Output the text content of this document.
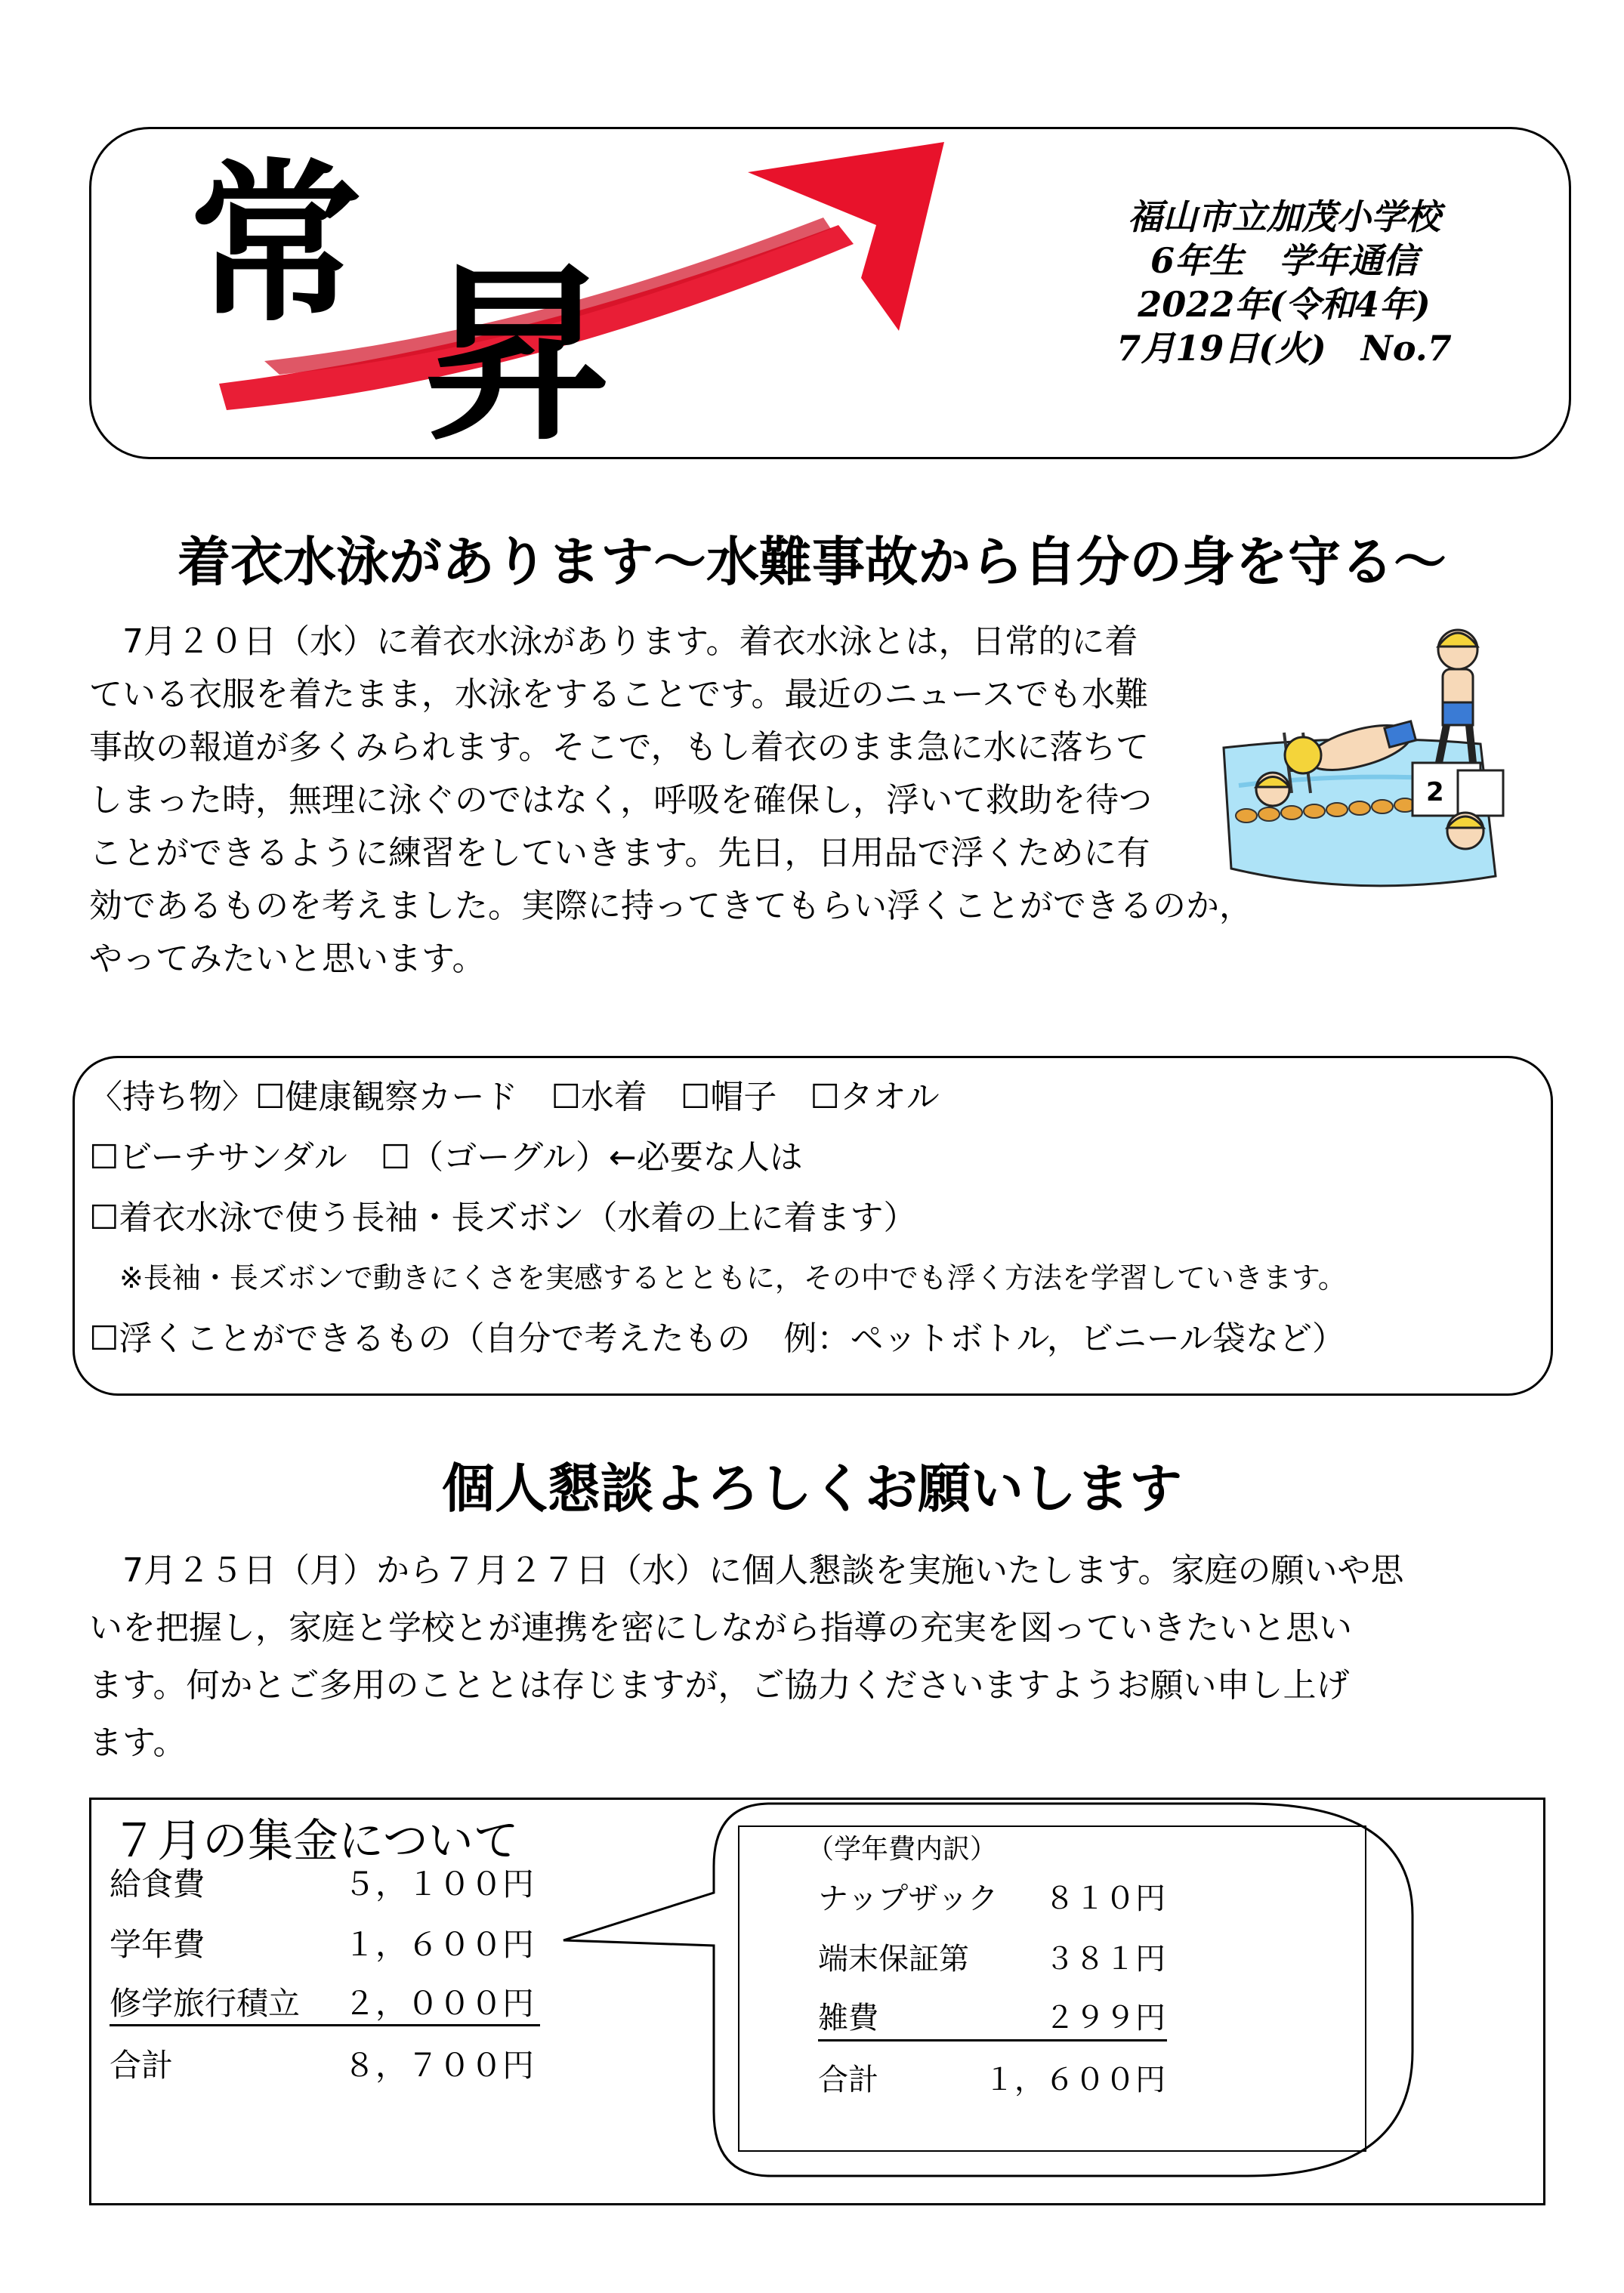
常 昇
福山市立加茂小学校
6年生　学年通信
2022年(令和4年)
7月19日(火)　No.7
着衣水泳があります～水難事故から自分の身を守る～
　7月２０日（水）に着衣水泳があります。着衣水泳とは，日常的に着
ている衣服を着たまま，水泳をすることです。最近のニュースでも水難
事故の報道が多くみられます。そこで，もし着衣のまま急に水に落ちて
しまった時，無理に泳ぐのではなく，呼吸を確保し，浮いて救助を待つ
ことができるように練習をしていきます。先日，日用品で浮くために有
効であるものを考えました。実際に持ってきてもらい浮くことができるのか，
やってみたいと思います。
2
〈持ち物〉☐健康観察カード　☐水着　☐帽子　☐タオル
☐ビーチサンダル　☐（ゴーグル）←必要な人は
☐着衣水泳で使う長袖・長ズボン（水着の上に着ます）
※長袖・長ズボンで動きにくさを実感するとともに，その中でも浮く方法を学習していきます。
☐浮くことができるもの（自分で考えたもの　例：ペットボトル，ビニール袋など）
個人懇談よろしくお願いします
　7月２５日（月）から７月２７日（水）に個人懇談を実施いたします。家庭の願いや思
いを把握し，家庭と学校とが連携を密にしながら指導の充実を図っていきたいと思い
ます。何かとご多用のこととは存じますが，ご協力くださいますようお願い申し上げ
ます。
７月の集金について
給食費	５，１００円
学年費	１，６００円
修学旅行積立 ２，０００円
合計	８，７００円
（学年費内訳）
ナップザック ８１０円
端末保証第	３８１円
雑費	２９９円
合計	１，６００円
